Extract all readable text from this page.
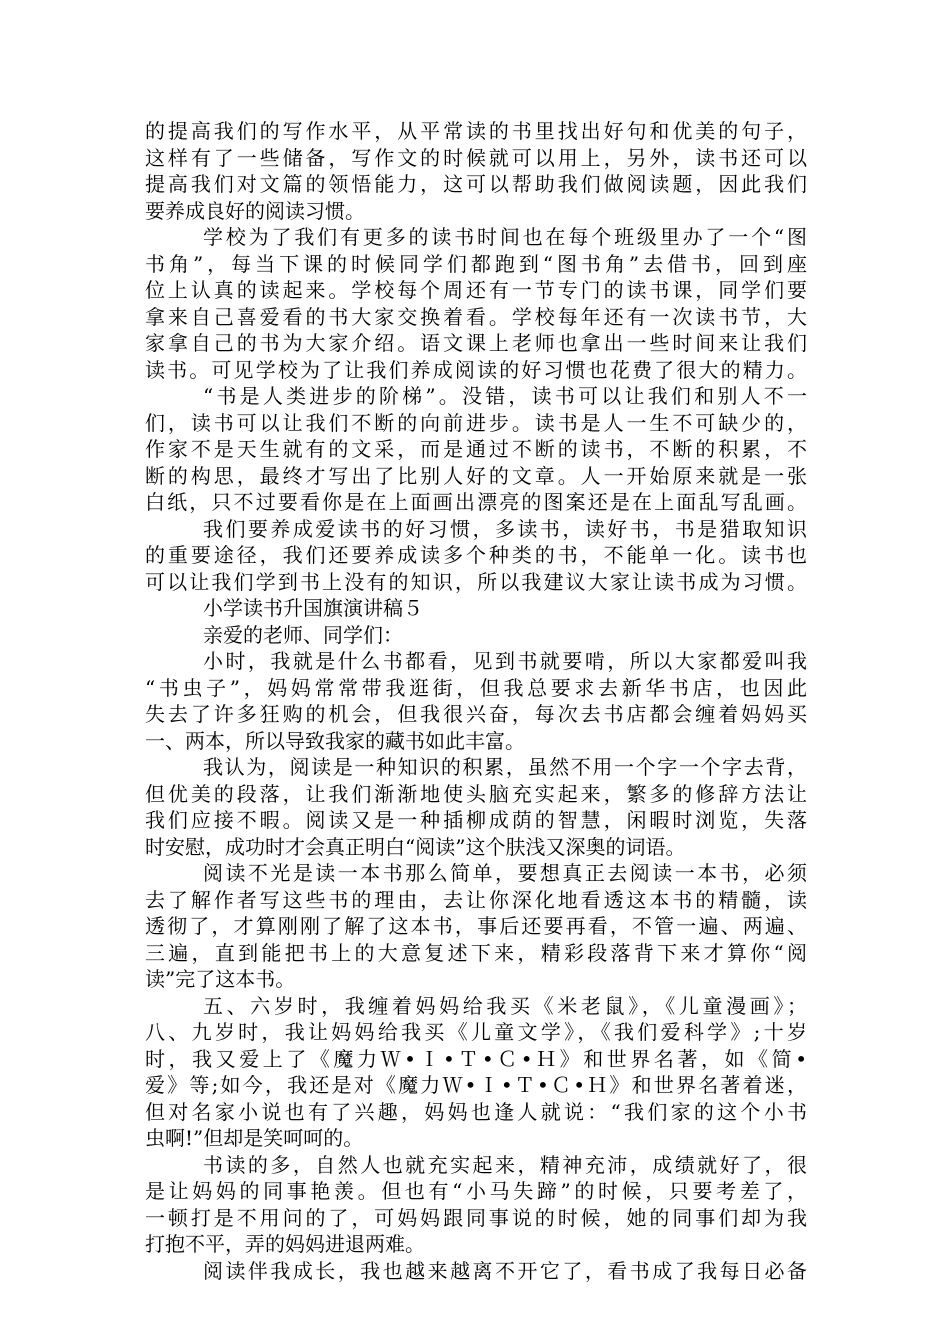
的提高我们的写作水平，从平常读的书里找出好句和优美的句子，
这样有了一些储备，写作文的时候就可以用上，另外，读书还可以
提高我们对文篇的领悟能力，这可以帮助我们做阅读题，因此我们
要养成良好的阅读习惯。
学校为了我们有更多的读书时间也在每个班级里办了一个“图
书角”，每当下课的时候同学们都跑到“图书角”去借书，回到座
位上认真的读起来。学校每个周还有一节专门的读书课，同学们要
拿来自己喜爱看的书大家交换着看。学校每年还有一次读书节，大
家拿自己的书为大家介绍。语文课上老师也拿出一些时间来让我们
读书。可见学校为了让我们养成阅读的好习惯也花费了很大的精力。
“书是人类进步的阶梯”。没错，读书可以让我们和别人不一
们，读书可以让我们不断的向前进步。读书是人一生不可缺少的，
作家不是天生就有的文采，而是通过不断的读书，不断的积累，不
断的构思，最终才写出了比别人好的文章。人一开始原来就是一张
白纸，只不过要看你是在上面画出漂亮的图案还是在上面乱写乱画。
我们要养成爱读书的好习惯，多读书，读好书，书是猎取知识
的重要途径，我们还要养成读多个种类的书，不能单一化。读书也
可以让我们学到书上没有的知识，所以我建议大家让读书成为习惯。
小学读书升国旗演讲稿５
亲爱的老师、同学们：
小时，我就是什么书都看，见到书就要啃，所以大家都爱叫我
“书虫子”，妈妈常常带我逛街，但我总要求去新华书店，也因此
失去了许多狂购的机会，但我很兴奋，每次去书店都会缠着妈妈买
一、两本，所以导致我家的藏书如此丰富。
我认为，阅读是一种知识的积累，虽然不用一个字一个字去背，
但优美的段落，让我们渐渐地使头脑充实起来，繁多的修辞方法让
我们应接不暇。阅读又是一种插柳成荫的智慧，闲暇时浏览，失落
时安慰，成功时才会真正明白“阅读”这个肤浅又深奥的词语。
阅读不光是读一本书那么简单，要想真正去阅读一本书，必须
去了解作者写这些书的理由，去让你深化地看透这本书的精髓，读
透彻了，才算刚刚了解了这本书，事后还要再看，不管一遍、两遍、
三遍，直到能把书上的大意复述下来，精彩段落背下来才算你“阅
读”完了这本书。
五、六岁时，我缠着妈妈给我买《米老鼠》，《儿童漫画》；
八、九岁时，我让妈妈给我买《儿童文学》，《我们爱科学》;十岁
时，我又爱上了《魔力Ｗ•Ｉ•Ｔ•Ｃ•Ｈ》和世界名著，如《简•
爱》等;如今，我还是对《魔力Ｗ•Ｉ•Ｔ•Ｃ•Ｈ》和世界名著着迷，
但对名家小说也有了兴趣，妈妈也逢人就说：“我们家的这个小书
虫啊!”但却是笑呵呵的。
书读的多，自然人也就充实起来，精神充沛，成绩就好了，很
是让妈妈的同事艳羡。但也有“小马失蹄”的时候，只要考差了，
一顿打是不用问的了，可妈妈跟同事说的时候，她的同事们却为我
打抱不平，弄的妈妈进退两难。
阅读伴我成长，我也越来越离不开它了，看书成了我每日必备
